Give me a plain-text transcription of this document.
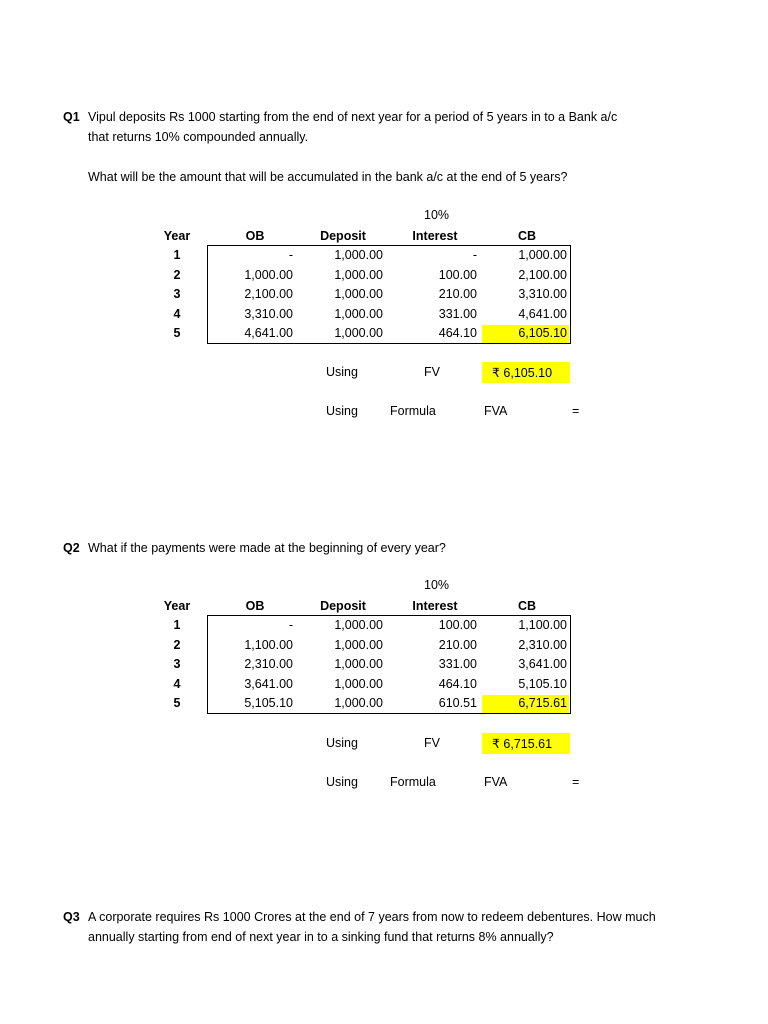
Q1 Vipul deposits Rs 1000 starting from the end of next year for a period of 5 years in to a Bank a/c
that returns 10% compounded annually.
What will be the amount that will be accumulated in the bank a/c at the end of 5 years?
10%
Year	OB	Deposit	Interest	CB
1	-	1,000.00	-	1,000.00
2	1,000.00	1,000.00	100.00	2,100.00
3	2,100.00	1,000.00	210.00	3,310.00
4	3,310.00	1,000.00	331.00	4,641.00
5	4,641.00	1,000.00	464.10	6,105.10
Using	FV	₹ 6,105.10
Using	Formula	FVA	=
Q2 What if the payments were made at the beginning of every year?
10%
Year	OB	Deposit	Interest	CB
1	-	1,000.00	100.00	1,100.00
2	1,100.00	1,000.00	210.00	2,310.00
3	2,310.00	1,000.00	331.00	3,641.00
4	3,641.00	1,000.00	464.10	5,105.10
5	5,105.10	1,000.00	610.51	6,715.61
Using	FV	₹ 6,715.61
Using	Formula	FVA	=
Q3 A corporate requires Rs 1000 Crores at the end of 7 years from now to redeem debentures. How much
annually starting from end of next year in to a sinking fund that returns 8% annually?
